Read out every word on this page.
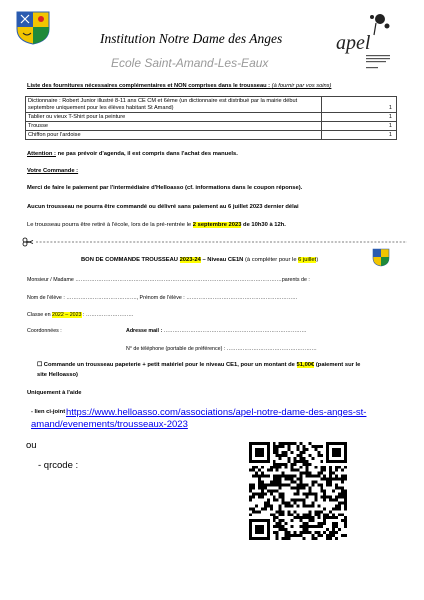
Institution Notre Dame des Anges
Ecole Saint-Amand-Les-Eaux
apel
Liste des fournitures nécessaires complémentaires et NON comprises dans le trousseau : (à fournir par vos soins)
Dictionnaire : Robert Junior illustré 8-11 ans CE CM et 6ème (un dictionnaire est distribué par la mairie début septembre uniquement pour les élèves habitant St Amand)	1
Tablier ou vieux T-Shirt pour la peinture	1
Trousse	1
Chiffon pour l'ardoise	1
Attention : ne pas prévoir d'agenda, il est compris dans l'achat des manuels.
Votre Commande :
Merci de faire le paiement par l'intermédiaire d'Helloasso (cf. informations dans le coupon réponse).
Aucun trousseau ne pourra être commandé ou délivré sans paiement au 6 juillet 2023 dernier délai
Le trousseau pourra être retiré à l'école, lors de la pré-rentrée le 2 septembre 2023 de 10h30 à 12h.
BON DE COMMANDE TROUSSEAU 2023-24 – Niveau CE1N (à compléter pour le 6 juillet)
Monsieur / Madame ………………………………………………………………………………………………………parents de :
Nom de l'élève : …………………………………., Prénom de l'élève : ………………………………………………………
Classe en 2022 – 2023 : ………………………
Coordonnées :	Adresse mail : ………………………………………………………………………
N° de téléphone (portable de préférence) : ……………………………………………
☐ Commande un trousseau papeterie + petit matériel pour le niveau CE1, pour un montant de 51,00€ (paiement sur le
site Helloasso)
Uniquement à l'aide
- lien ci-joint https://www.helloasso.com/associations/apel-notre-dame-des-anges-st-
amand/evenements/trousseaux-2023
ou
- qrcode :
